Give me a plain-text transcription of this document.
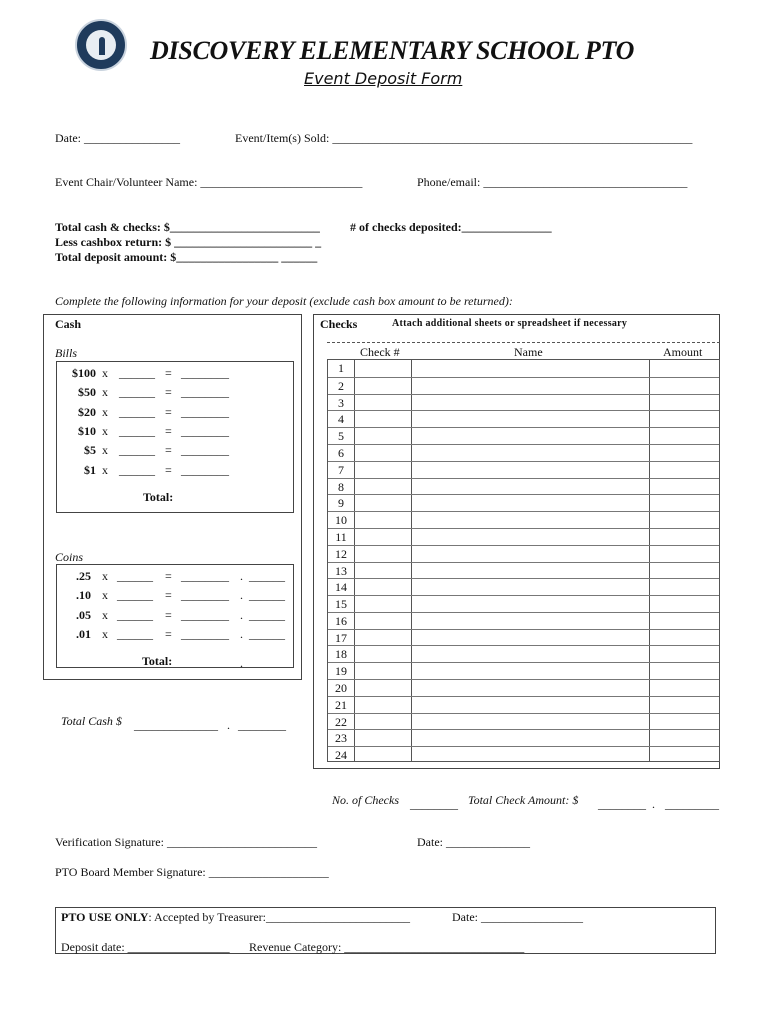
DISCOVERY ELEMENTARY SCHOOL PTO
Event Deposit Form
Date: ________________	Event/Item(s) Sold: ____________________________________________________________
Event Chair/Volunteer Name: ___________________________	Phone/email: __________________________________
Total cash & checks: $_________________________	# of checks deposited:_______________
Less cashbox return: $ _______________________ _
Total deposit amount: $_________________ ______
Complete the following information for your deposit (exclude cash box amount to be returned):
Cash
Bills
$100 x ______ = ________
$50 x ______ = ________
$20 x ______ = ________
$10 x ______ = ________
$5 x ______ = ________
$1 x ______ = ________
Total:
Coins
.25 x ______ = ________ . ______
.10 x ______ = ________ . ______
.05 x ______ = ________ . ______
.01 x ______ = ________ . ______
Total:	.
Total Cash $ ______________ . ________
Checks	Attach additional sheets or spreadsheet if necessary
Check #	Name	Amount
1
2
3
4
5
6
7
8
9
10
11
12
13
14
15
16
17
18
19
20
21
22
23
24
No. of Checks ________ Total Check Amount: $ ________ . _________
Verification Signature: _________________________	Date: ______________
PTO Board Member Signature: ____________________
PTO USE ONLY: Accepted by Treasurer:________________________	Date: _________________
Deposit date: _________________ Revenue Category: ______________________________
